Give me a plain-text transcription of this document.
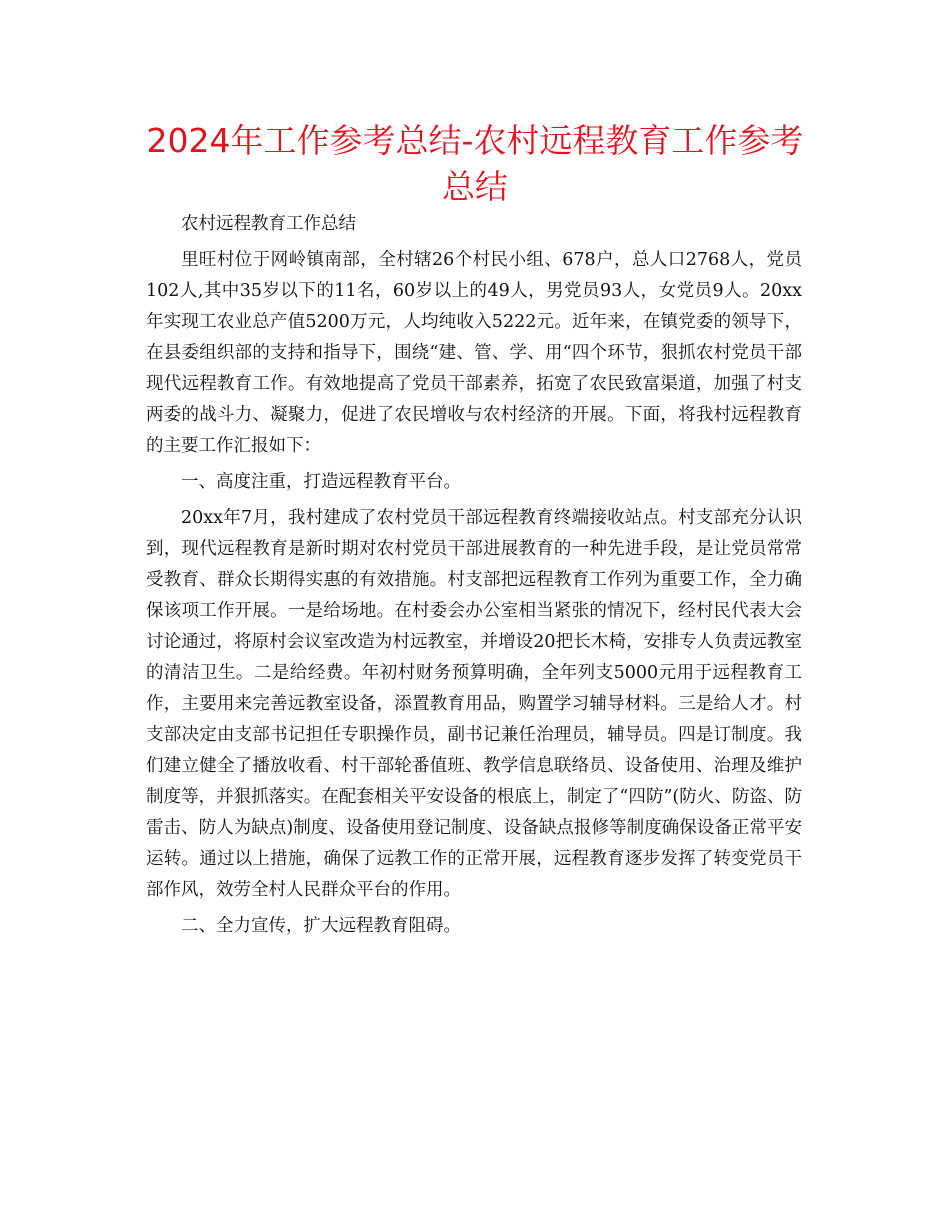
2024年工作参考总结-农村远程教育工作参考总结

农村远程教育工作总结

里旺村位于网岭镇南部，全村辖26个村民小组、678户，总人口2768人，党员102人,其中35岁以下的11名，60岁以上的49人，男党员93人，女党员9人。20xx年实现工农业总产值5200万元，人均纯收入5222元。近年来，在镇党委的领导下，在县委组织部的支持和指导下，围绕“建、管、学、用“四个环节，狠抓农村党员干部现代远程教育工作。有效地提高了党员干部素养，拓宽了农民致富渠道，加强了村支两委的战斗力、凝聚力，促进了农民增收与农村经济的开展。下面，将我村远程教育的主要工作汇报如下：

一、高度注重，打造远程教育平台。

20xx年7月，我村建成了农村党员干部远程教育终端接收站点。村支部充分认识到，现代远程教育是新时期对农村党员干部进展教育的一种先进手段，是让党员常常受教育、群众长期得实惠的有效措施。村支部把远程教育工作列为重要工作，全力确保该项工作开展。一是给场地。在村委会办公室相当紧张的情况下，经村民代表大会讨论通过，将原村会议室改造为村远教室，并增设20把长木椅，安排专人负责远教室的清洁卫生。二是给经费。年初村财务预算明确，全年列支5000元用于远程教育工作，主要用来完善远教室设备，添置教育用品，购置学习辅导材料。三是给人才。村支部决定由支部书记担任专职操作员，副书记兼任治理员，辅导员。四是订制度。我们建立健全了播放收看、村干部轮番值班、教学信息联络员、设备使用、治理及维护制度等，并狠抓落实。在配套相关平安设备的根底上，制定了“四防”(防火、防盗、防雷击、防人为缺点)制度、设备使用登记制度、设备缺点报修等制度确保设备正常平安运转。通过以上措施，确保了远教工作的正常开展，远程教育逐步发挥了转变党员干部作风，效劳全村人民群众平台的作用。

二、全力宣传，扩大远程教育阻碍。
